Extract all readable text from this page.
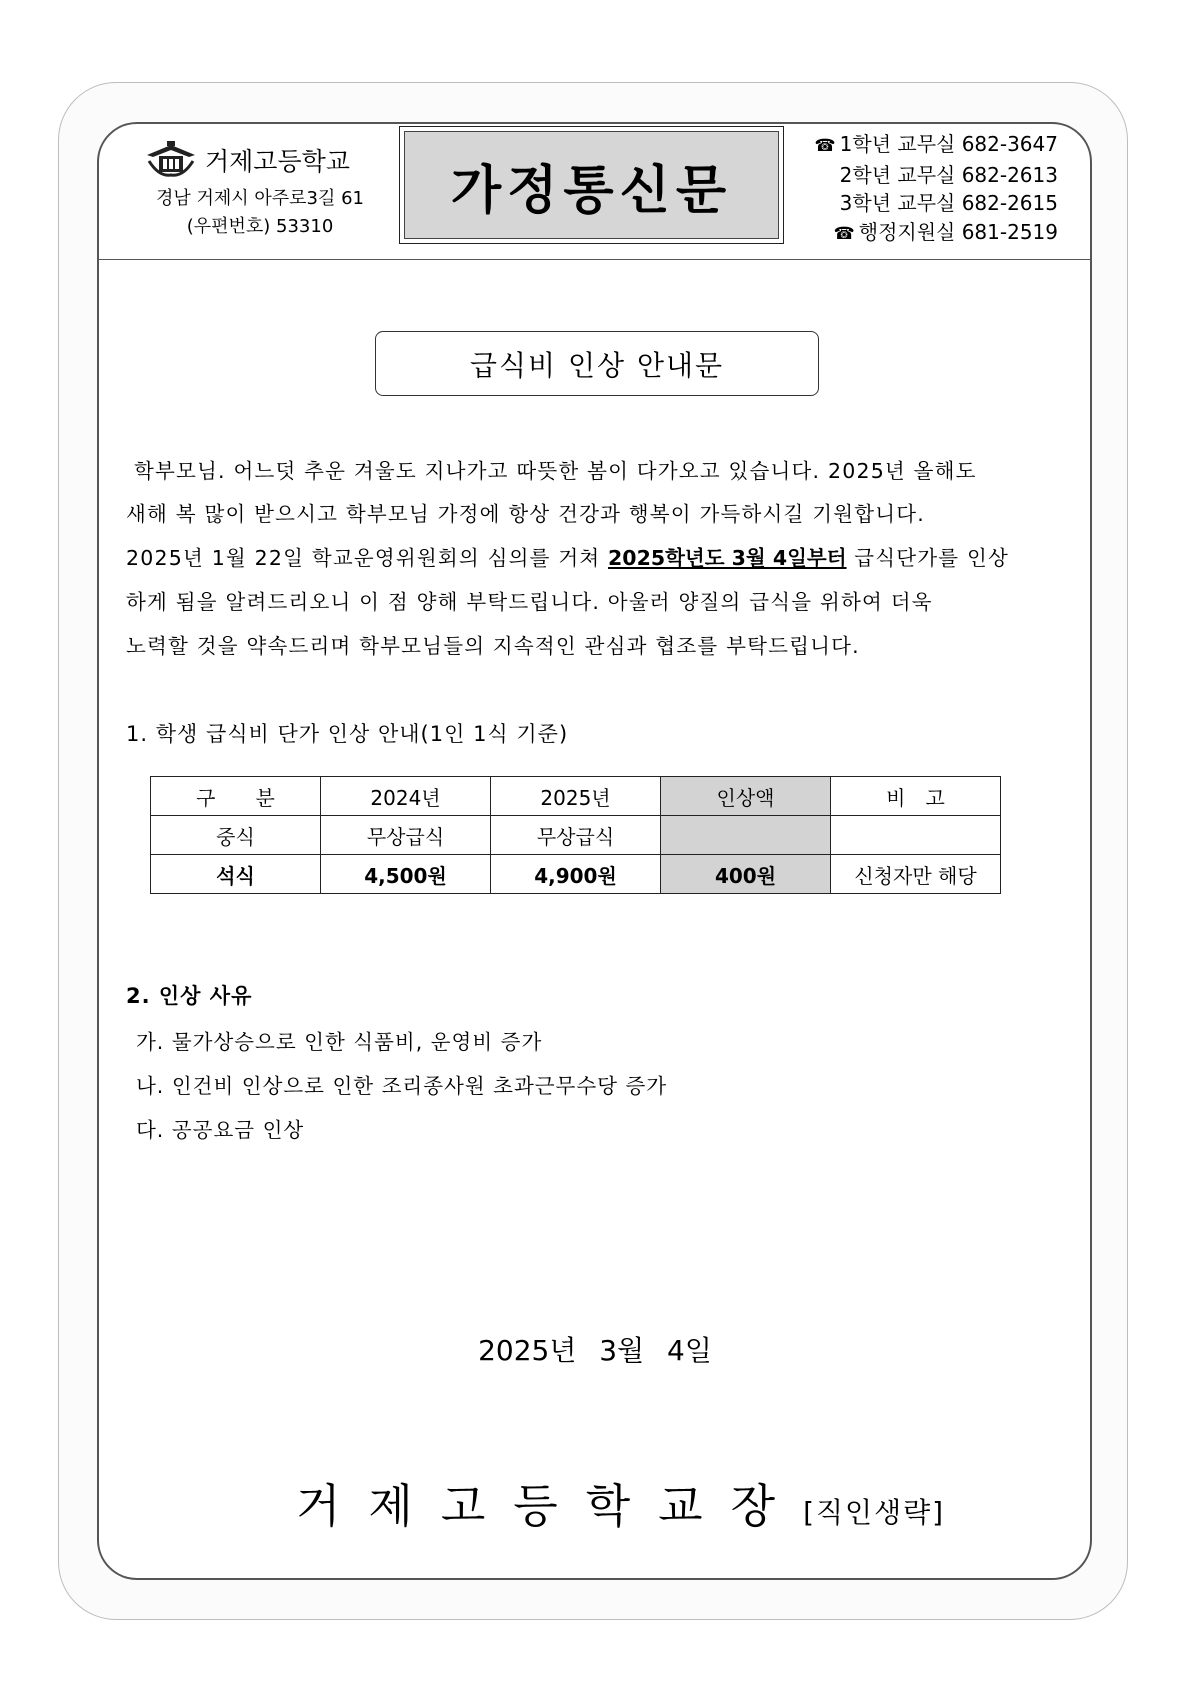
거제고등학교
경남 거제시 아주로3길 61
(우편번호) 53310
가정통신문
☎ 1학년 교무실 682-3647
2학년 교무실 682-2613
3학년 교무실 682-2615
☎ 행정지원실 681-2519
급식비 인상 안내문
학부모님. 어느덧 추운 겨울도 지나가고 따뜻한 봄이 다가오고 있습니다. 2025년 올해도
새해 복 많이 받으시고 학부모님 가정에 항상 건강과 행복이 가득하시길 기원합니다.
2025년 1월 22일 학교운영위원회의 심의를 거쳐 2025학년도 3월 4일부터 급식단가를 인상
하게 됨을 알려드리오니 이 점 양해 부탁드립니다. 아울러 양질의 급식을 위하여 더욱
노력할 것을 약속드리며 학부모님들의 지속적인 관심과 협조를 부탁드립니다.
1. 학생 급식비 단가 인상 안내(1인 1식 기준)
구　　분	2024년	2025년	인상액	비　고
중식	무상급식	무상급식		
석식	4,500원	4,900원	400원	신청자만 해당
2. 인상 사유
가. 물가상승으로 인한 식품비, 운영비 증가
나. 인건비 인상으로 인한 조리종사원 초과근무수당 증가
다. 공공요금 인상
2025년 3월 4일
거제고등학교장[직인생략]
